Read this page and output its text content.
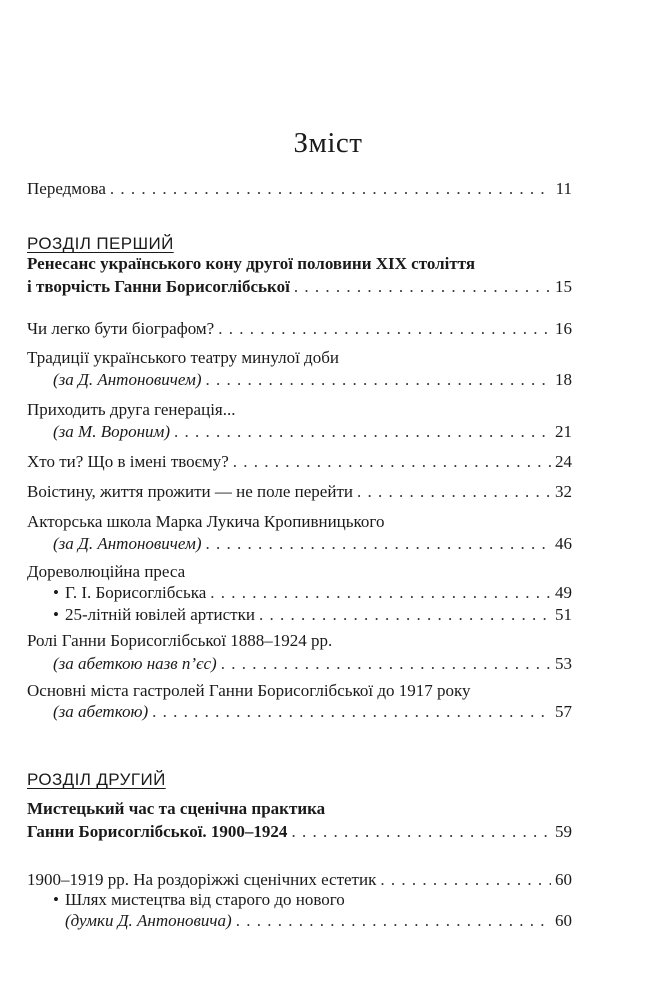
Зміст
Передмова . . .	11
РОЗДІЛ ПЕРШИЙ
Ренесанс українського кону другої половини XIX століття
і творчість Ганни Борисоглібської . . .	15
Чи легко бути біографом? . . .	16
Традиції українського театру минулої доби
(за Д. Антоновичем) . . .	18
Приходить друга генерація...
(за М. Вороним) . . .	21
Хто ти? Що в імені твоєму? . . .	24
Воістину, життя прожити — не поле перейти . . .	32
Акторська школа Марка Лукича Кропивницького
(за Д. Антоновичем) . . .	46
Дореволюційна преса
• Г. І. Борисоглібська . . .	49
• 25-літній ювілей артистки . . .	51
Ролі Ганни Борисоглібської 1888–1924 рр.
(за абеткою назв п’єс) . . .	53
Основні міста гастролей Ганни Борисоглібської до 1917 року
(за абеткою) . . .	57
РОЗДІЛ ДРУГИЙ
Мистецький час та сценічна практика
Ганни Борисоглібської. 1900–1924 . . .	59
1900–1919 рр. На роздоріжжі сценічних естетик . . .	60
• Шлях мистецтва від старого до нового
(думки Д. Антоновича) . . .	60
